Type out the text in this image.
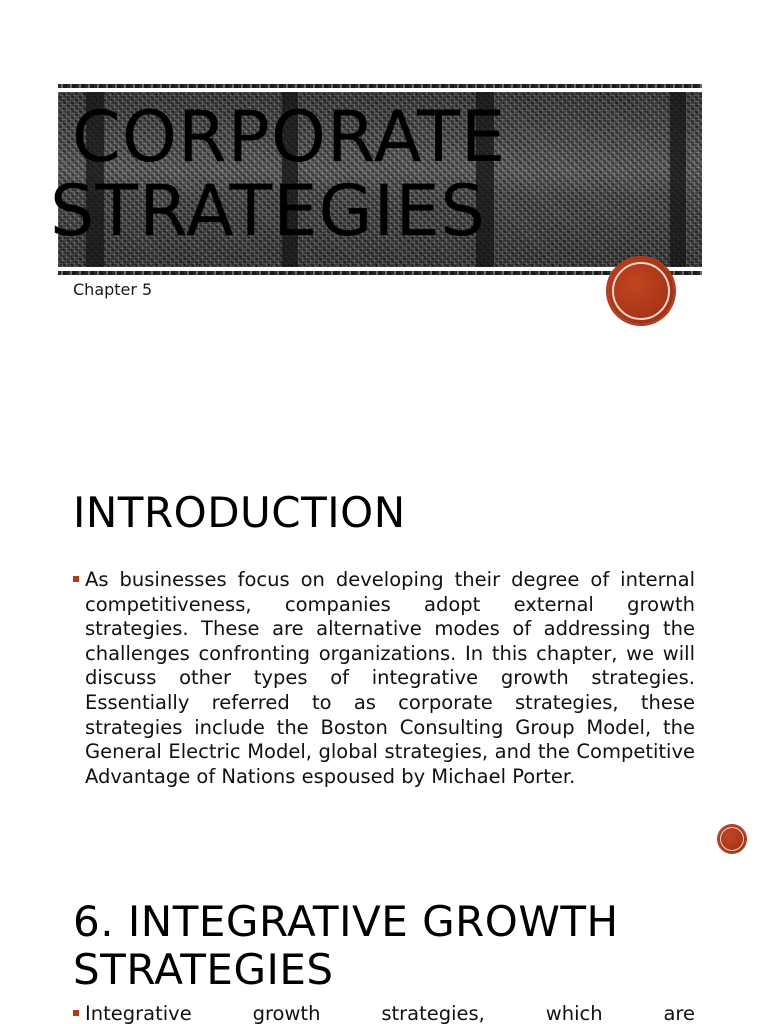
CORPORATE
STRATEGIES
Chapter 5
INTRODUCTION
As businesses focus on developing their degree of internal competitiveness, companies adopt external growth strategies. These are alternative modes of addressing the challenges confronting organizations. In this chapter, we will discuss other types of integrative growth strategies. Essentially referred to as corporate strategies, these strategies include the Boston Consulting Group Model, the General Electric Model, global strategies, and the Competitive Advantage of Nations espoused by Michael Porter.
6. INTEGRATIVE GROWTH STRATEGIES
Integrative growth strategies, which are
